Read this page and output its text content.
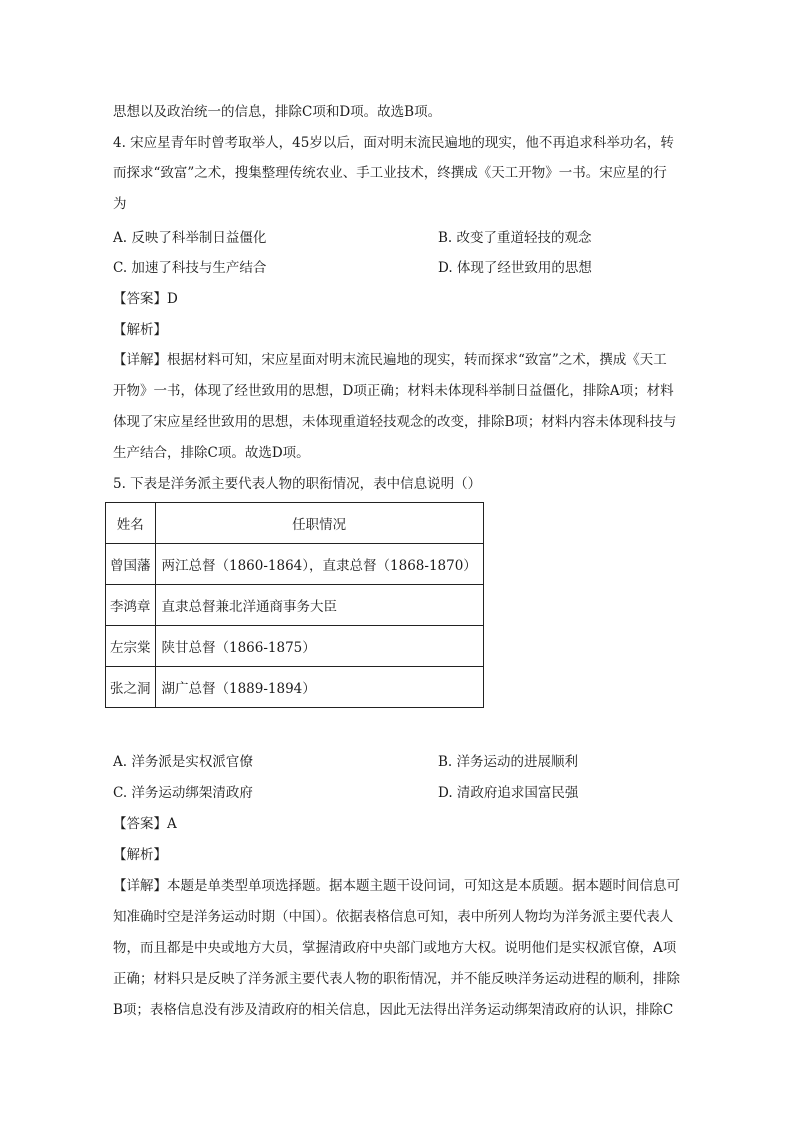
思想以及政治统一的信息，排除C项和D项。故选B项。
4. 宋应星青年时曾考取举人，45岁以后，面对明末流民遍地的现实，他不再追求科举功名，转
而探求“致富”之术，搜集整理传统农业、手工业技术，终撰成《天工开物》一书。宋应星的行
为
A. 反映了科举制日益僵化	B. 改变了重道轻技的观念
C. 加速了科技与生产结合	D. 体现了经世致用的思想
【答案】D
【解析】
【详解】根据材料可知，宋应星面对明末流民遍地的现实，转而探求“致富”之术，撰成《天工
开物》一书，体现了经世致用的思想，D项正确；材料未体现科举制日益僵化，排除A项；材料
体现了宋应星经世致用的思想，未体现重道轻技观念的改变，排除B项；材料内容未体现科技与
生产结合，排除C项。故选D项。
5. 下表是洋务派主要代表人物的职衔情况，表中信息说明（）
姓名	任职情况
曾国藩	两江总督（1860-1864），直隶总督（1868-1870）
李鸿章	直隶总督兼北洋通商事务大臣
左宗棠	陕甘总督（1866-1875）
张之洞	湖广总督（1889-1894）
A. 洋务派是实权派官僚	B. 洋务运动的进展顺利
C. 洋务运动绑架清政府	D. 清政府追求国富民强
【答案】A
【解析】
【详解】本题是单类型单项选择题。据本题主题干设问词，可知这是本质题。据本题时间信息可
知准确时空是洋务运动时期（中国）。依据表格信息可知，表中所列人物均为洋务派主要代表人
物，而且都是中央或地方大员，掌握清政府中央部门或地方大权。说明他们是实权派官僚，A项
正确；材料只是反映了洋务派主要代表人物的职衔情况，并不能反映洋务运动进程的顺利，排除
B项；表格信息没有涉及清政府的相关信息，因此无法得出洋务运动绑架清政府的认识，排除C
